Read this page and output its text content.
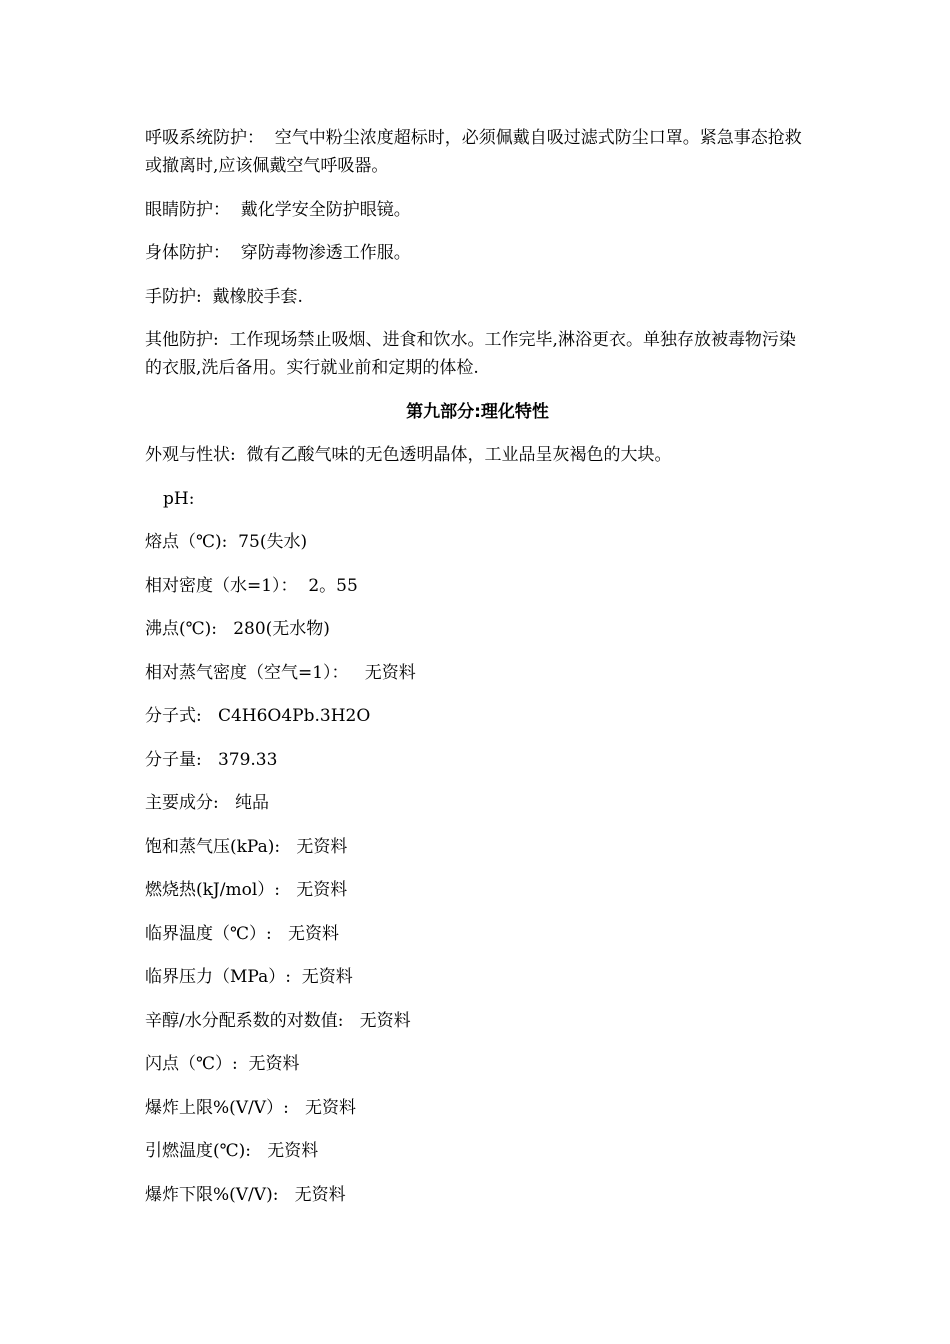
呼吸系统防护：  空气中粉尘浓度超标时，必须佩戴自吸过滤式防尘口罩。紧急事态抢救或撤离时,应该佩戴空气呼吸器。

眼睛防护：  戴化学安全防护眼镜。

身体防护：  穿防毒物渗透工作服。

手防护:  戴橡胶手套.

其他防护:  工作现场禁止吸烟、进食和饮水。工作完毕,淋浴更衣。单独存放被毒物污染的衣服,洗后备用。实行就业前和定期的体检.

第九部分:理化特性

外观与性状:  微有乙酸气味的无色透明晶体，工业品呈灰褐色的大块。

pH:

熔点（℃):  75(失水)

相对密度（水=1）：  2。55

沸点(℃):   280(无水物)

相对蒸气密度（空气=1）：   无资料

分子式:   C4H6O4Pb.3H2O

分子量:   379.33

主要成分:   纯品

饱和蒸气压(kPa):   无资料

燃烧热(kJ/mol）:   无资料

临界温度（℃）:   无资料

临界压力（MPa）:  无资料

辛醇/水分配系数的对数值:   无资料

闪点（℃）:  无资料

爆炸上限%(V/V）:   无资料

引燃温度(℃):   无资料

爆炸下限%(V/V):   无资料
